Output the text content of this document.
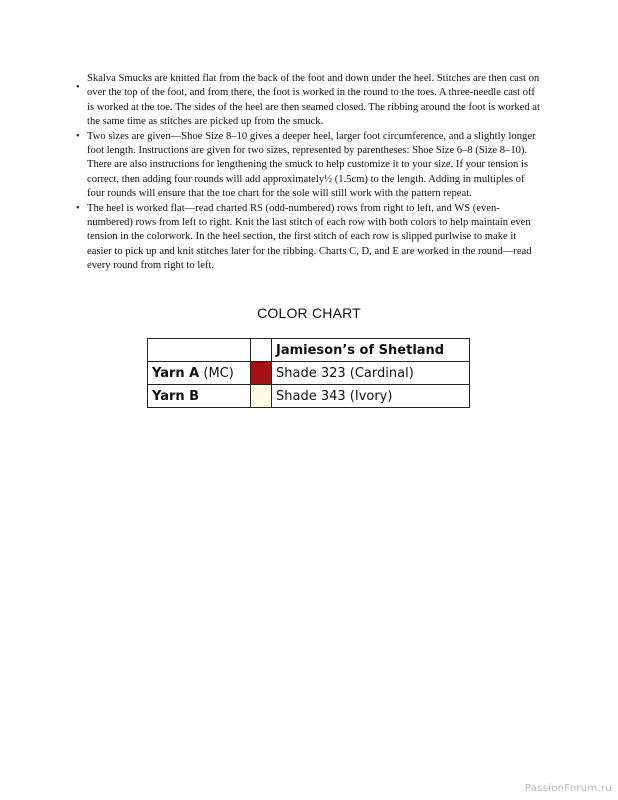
•
Skalva Smucks are knitted flat from the back of the foot and down under the heel. Stitches are then cast on over the top of the foot, and from there, the foot is worked in the round to the toes. A three-needle cast off is worked at the toe. The sides of the heel are then seamed closed. The ribbing around the foot is worked at the same time as stitches are picked up from the smuck.
• Two sizes are given—Shoe Size 8–10 gives a deeper heel, larger foot circumference, and a slightly longer foot length. Instructions are given for two sizes, represented by parentheses: Shoe Size 6–8 (Size 8–10). There are also instructions for lengthening the smuck to help customize it to your size. If your tension is correct, then adding four rounds will add approximately½ (1.5cm) to the length. Adding in multiples of four rounds will ensure that the toe chart for the sole will still work with the pattern repeat.
• The heel is worked flat—read charted RS (odd-numbered) rows from right to left, and WS (even-numbered) rows from left to right. Knit the last stitch of each row with both colors to help maintain even tension in the colorwork. In the heel section, the first stitch of each row is slipped purlwise to make it easier to pick up and knit stitches later for the ribbing. Charts C, D, and E are worked in the round—read every round from right to left.
COLOR CHART
		Jamieson’s of Shetland
Yarn A (MC)		Shade 323 (Cardinal)
Yarn B		Shade 343 (Ivory)
PassionForum.ru
